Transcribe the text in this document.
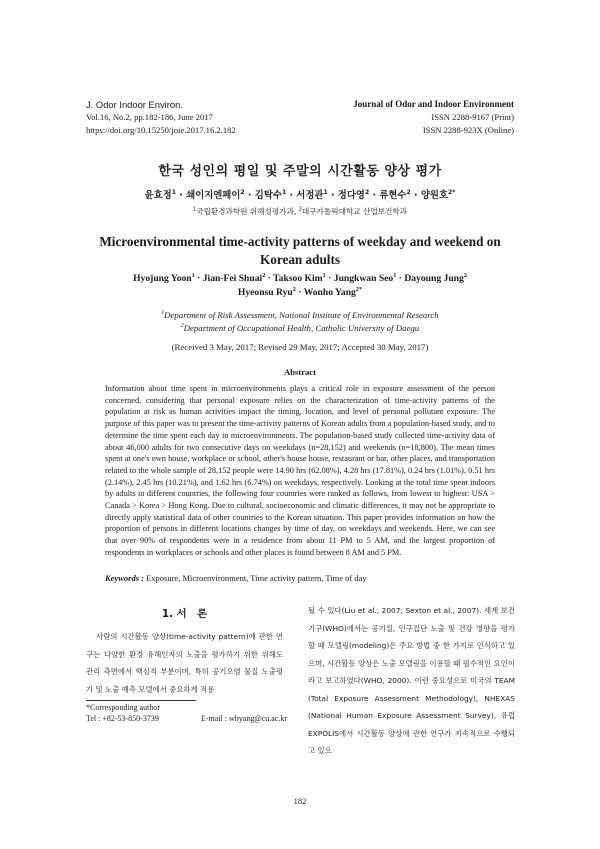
J. Odor Indoor Environ.
Vol.16, No.2, pp.182-186, June 2017
https://doi.org/10.15250/joie.2017.16.2.182
Journal of Odor and Indoor Environment
ISSN 2288-9167 (Print)
ISSN 2288-923X (Online)
한국 성인의 평일 및 주말의 시간활동 양상 평가
윤효정$^1$ · 쇄이지엔페이$^2$ · 김탁수$^1$ · 서정관$^1$ · 정다영$^2$ · 류현수$^2$ · 양원호$^{2*}$
$^1$국립환경과학원 위해성평가과, $^2$대구가톨릭대학교 산업보건학과
Microenvironmental time-activity patterns of weekday and weekend on Korean adults
Hyojung Yoon$^1$ · Jian-Fei Shuai$^2$ · Taksoo Kim$^1$ · Jungkwan Seo$^1$ · Dayoung Jung$^2$
Hyeonsu Ryu$^2$ · Wonho Yang$^{2*}$
$^1$Department of Risk Assessment, National Institute of Environmental Research
$^2$Department of Occupational Health, Catholic University of Daegu
(Received 3 May, 2017; Revised 29 May, 2017; Accepted 30 May, 2017)
Abstract
Information about time spent in microenvironments plays a critical role in exposure assessment of the person concerned, considering that personal exposure relies on the characterization of time-activity patterns of the population at risk as human activities impact the timing, location, and level of personal pollutant exposure. The purpose of this paper was to present the time-activity patterns of Korean adults from a population-based study, and to determine the time spent each day in microenvironments. The population-based study collected time-activity data of about 46,000 adults for two consecutive days on weekdays (n=28,152) and weekends (n=18,800). The mean times spent at one's own house, workplace or school, other's house house, restaurant or bar, other places, and transportation related to the whole sample of 28,152 people were 14.90 hrs (62.08%), 4.28 hrs (17.81%), 0.24 hrs (1.01%), 0.51 hrs (2.14%), 2.45 hrs (10.21%), and 1.62 hrs (6.74%) on weekdays, respectively. Looking at the total time spent indoors by adults in different countries, the following four countries were ranked as follows, from lowest to highest: USA > Canada > Korea > Hong Kong. Due to cultural, socioeconomic and climatic differences, it may not be appropriate to directly apply statistical data of other countries to the Korean situation. This paper provides information on how the proportion of persons in different locations changes by time of day, on weekdays and weekends. Here, we can see that over 90% of respondents were in a residence from about 11 PM to 5 AM, and the largest proportion of respondents in workplaces or schools and other places is found between 8 AM and 5 PM.
Keywords : Exposure, Microenvironment, Time activity pattern, Time of day
1. 서　론
사람의 시간활동 양상(time-activity pattern)에 관한 연구는 다양한 환경 유해인자의 노출을 평가하기 위한 위해도 관리 측면에서 핵심적 부분이며, 특히 공기오염 물질 노출평가 및 노출 예측 모델에서 중요하게 적용
될 수 있다(Liu et al., 2007; Sexton et al., 2007). 세계 보건기구(WHO)에서는 공기질, 인구집단 노출 및 건강 영향을 평가할 때 모델링(modeling)은 주요 방법 중 한 가지로 인식하고 있으며, 시간활동 양상은 노출 모델링을 이용할 때 필수적인 요인이라고 보고하였다(WHO, 2000). 이런 중요성으로 미국의 TEAM (Total Exposure Assessment Methodology), NHEXAS (National Human Exposure Assessment Survey), 유럽 EXPOLIS에서 시간활동 양상에 관한 연구가 지속적으로 수행되고 있으
*Corresponding author
Tel : +82-53-850-3739	E-mail : whyang@cu.ac.kr
182
